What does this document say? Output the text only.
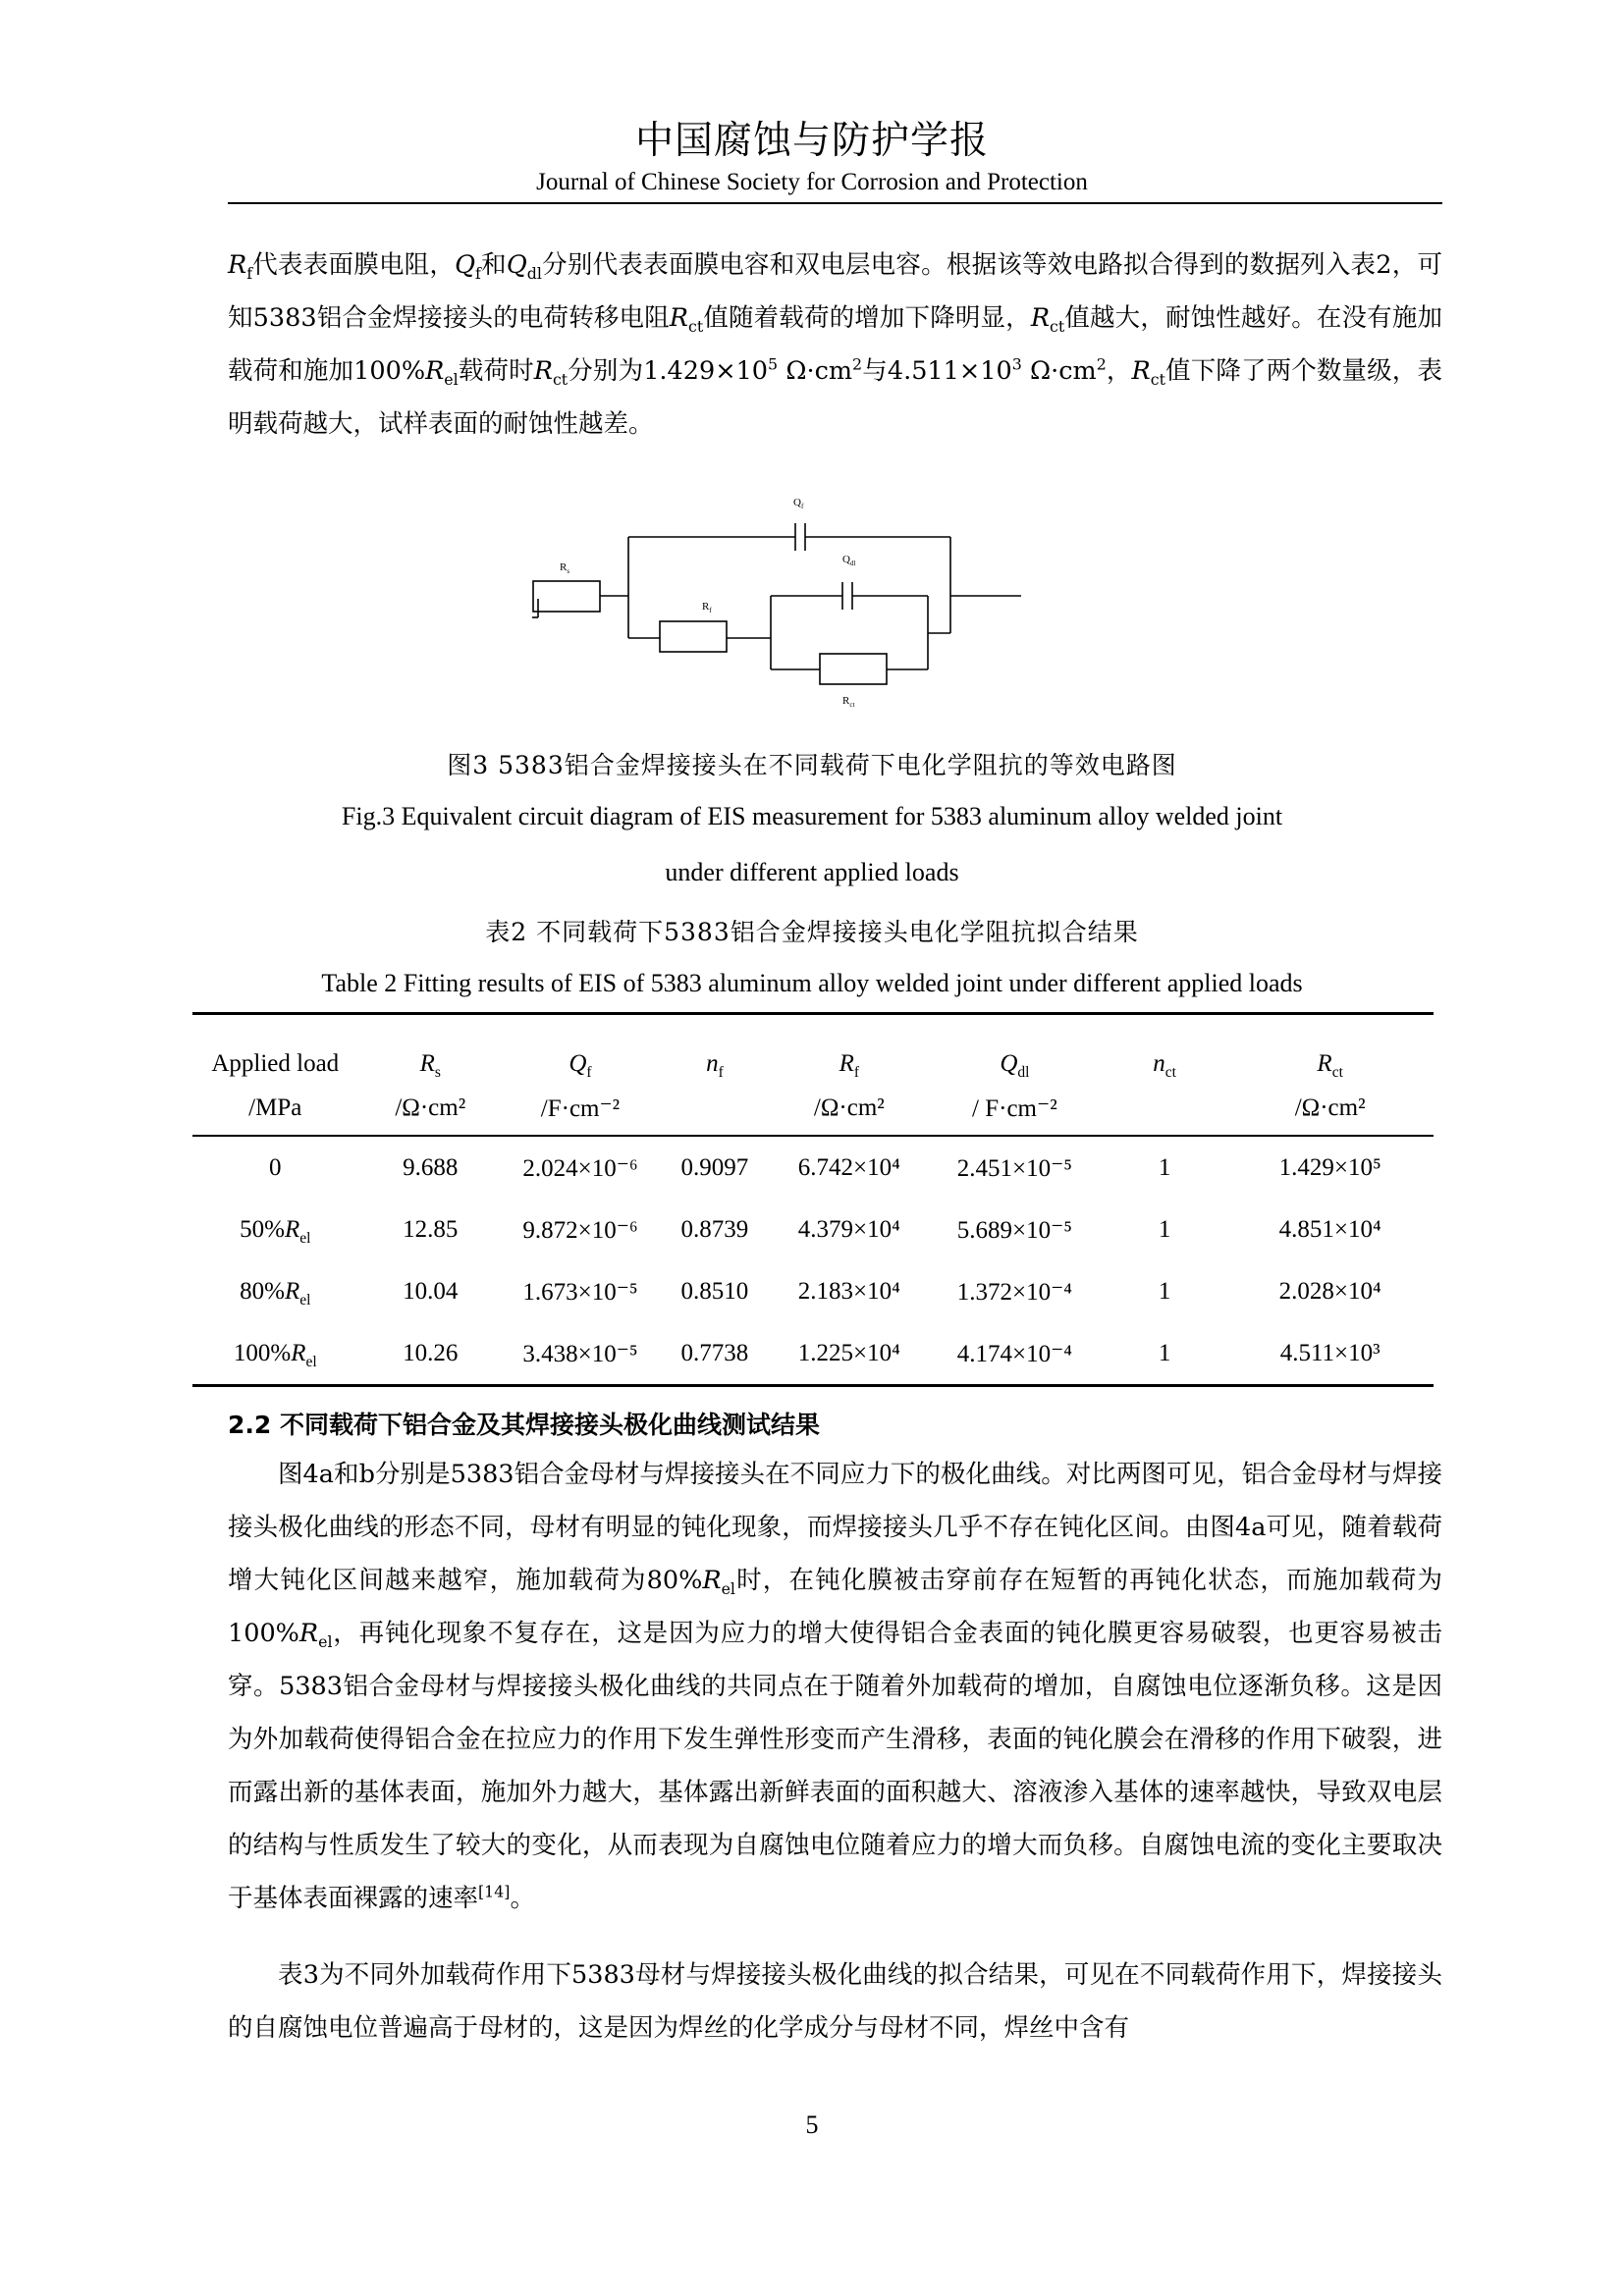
中国腐蚀与防护学报
Journal of Chinese Society for Corrosion and Protection
$R_f$代表表面膜电阻，$Q_f$和$Q_{dl}$分别代表表面膜电容和双电层电容。根据该等效电路拟合得到的数据列入表2，可知5383铝合金焊接接头的电荷转移电阻$R_{ct}$值随着载荷的增加下降明显，$R_{ct}$值越大，耐蚀性越好。在没有施加载荷和施加$100\%R_{el}$载荷时$R_{ct}$分别为$1.429\times 10^5$ $\Omega\cdot cm^2$与$4.511\times 10^3$ $\Omega\cdot cm^2$，$R_{ct}$值下降了两个数量级，表明载荷越大，试样表面的耐蚀性越差。
$R_s$
$Q_f$
$R_f$
$Q_{dl}$
$R_{ct}$
图3 5383铝合金焊接接头在不同载荷下电化学阻抗的等效电路图
Fig.3 Equivalent circuit diagram of EIS measurement for 5383 aluminum alloy welded joint
under different applied loads
表2 不同载荷下5383铝合金焊接接头电化学阻抗拟合结果
Table 2 Fitting results of EIS of 5383 aluminum alloy welded joint under different applied loads
Applied load	$R_s$	$Q_f$	$n_f$	$R_f$	$Q_{dl}$	$n_{ct}$	$R_{ct}$
/MPa	/Ω·cm²	/F·cm⁻²		/Ω·cm²	/ F·cm⁻²		/Ω·cm²
0	9.688	2.024×10⁻⁶	0.9097	6.742×10⁴	2.451×10⁻⁵	1	1.429×10⁵
$50\%R_{el}$	12.85	9.872×10⁻⁶	0.8739	4.379×10⁴	5.689×10⁻⁵	1	4.851×10⁴
$80\%R_{el}$	10.04	1.673×10⁻⁵	0.8510	2.183×10⁴	1.372×10⁻⁴	1	2.028×10⁴
$100\%R_{el}$	10.26	3.438×10⁻⁵	0.7738	1.225×10⁴	4.174×10⁻⁴	1	4.511×10³
2.2 不同载荷下铝合金及其焊接接头极化曲线测试结果
图4a和b分别是5383铝合金母材与焊接接头在不同应力下的极化曲线。对比两图可见，铝合金母材与焊接接头极化曲线的形态不同，母材有明显的钝化现象，而焊接接头几乎不存在钝化区间。由图4a可见，随着载荷增大钝化区间越来越窄，施加载荷为$80\%R_{el}$时，在钝化膜被击穿前存在短暂的再钝化状态，而施加载荷为$100\%R_{el}$，再钝化现象不复存在，这是因为应力的增大使得铝合金表面的钝化膜更容易破裂，也更容易被击穿。5383铝合金母材与焊接接头极化曲线的共同点在于随着外加载荷的增加，自腐蚀电位逐渐负移。这是因为外加载荷使得铝合金在拉应力的作用下发生弹性形变而产生滑移，表面的钝化膜会在滑移的作用下破裂，进而露出新的基体表面，施加外力越大，基体露出新鲜表面的面积越大、溶液渗入基体的速率越快，导致双电层的结构与性质发生了较大的变化，从而表现为自腐蚀电位随着应力的增大而负移。自腐蚀电流的变化主要取决于基体表面裸露的速率[14]。
表3为不同外加载荷作用下5383母材与焊接接头极化曲线的拟合结果，可见在不同载荷作用下，焊接接头的自腐蚀电位普遍高于母材的，这是因为焊丝的化学成分与母材不同，焊丝中含有
5
